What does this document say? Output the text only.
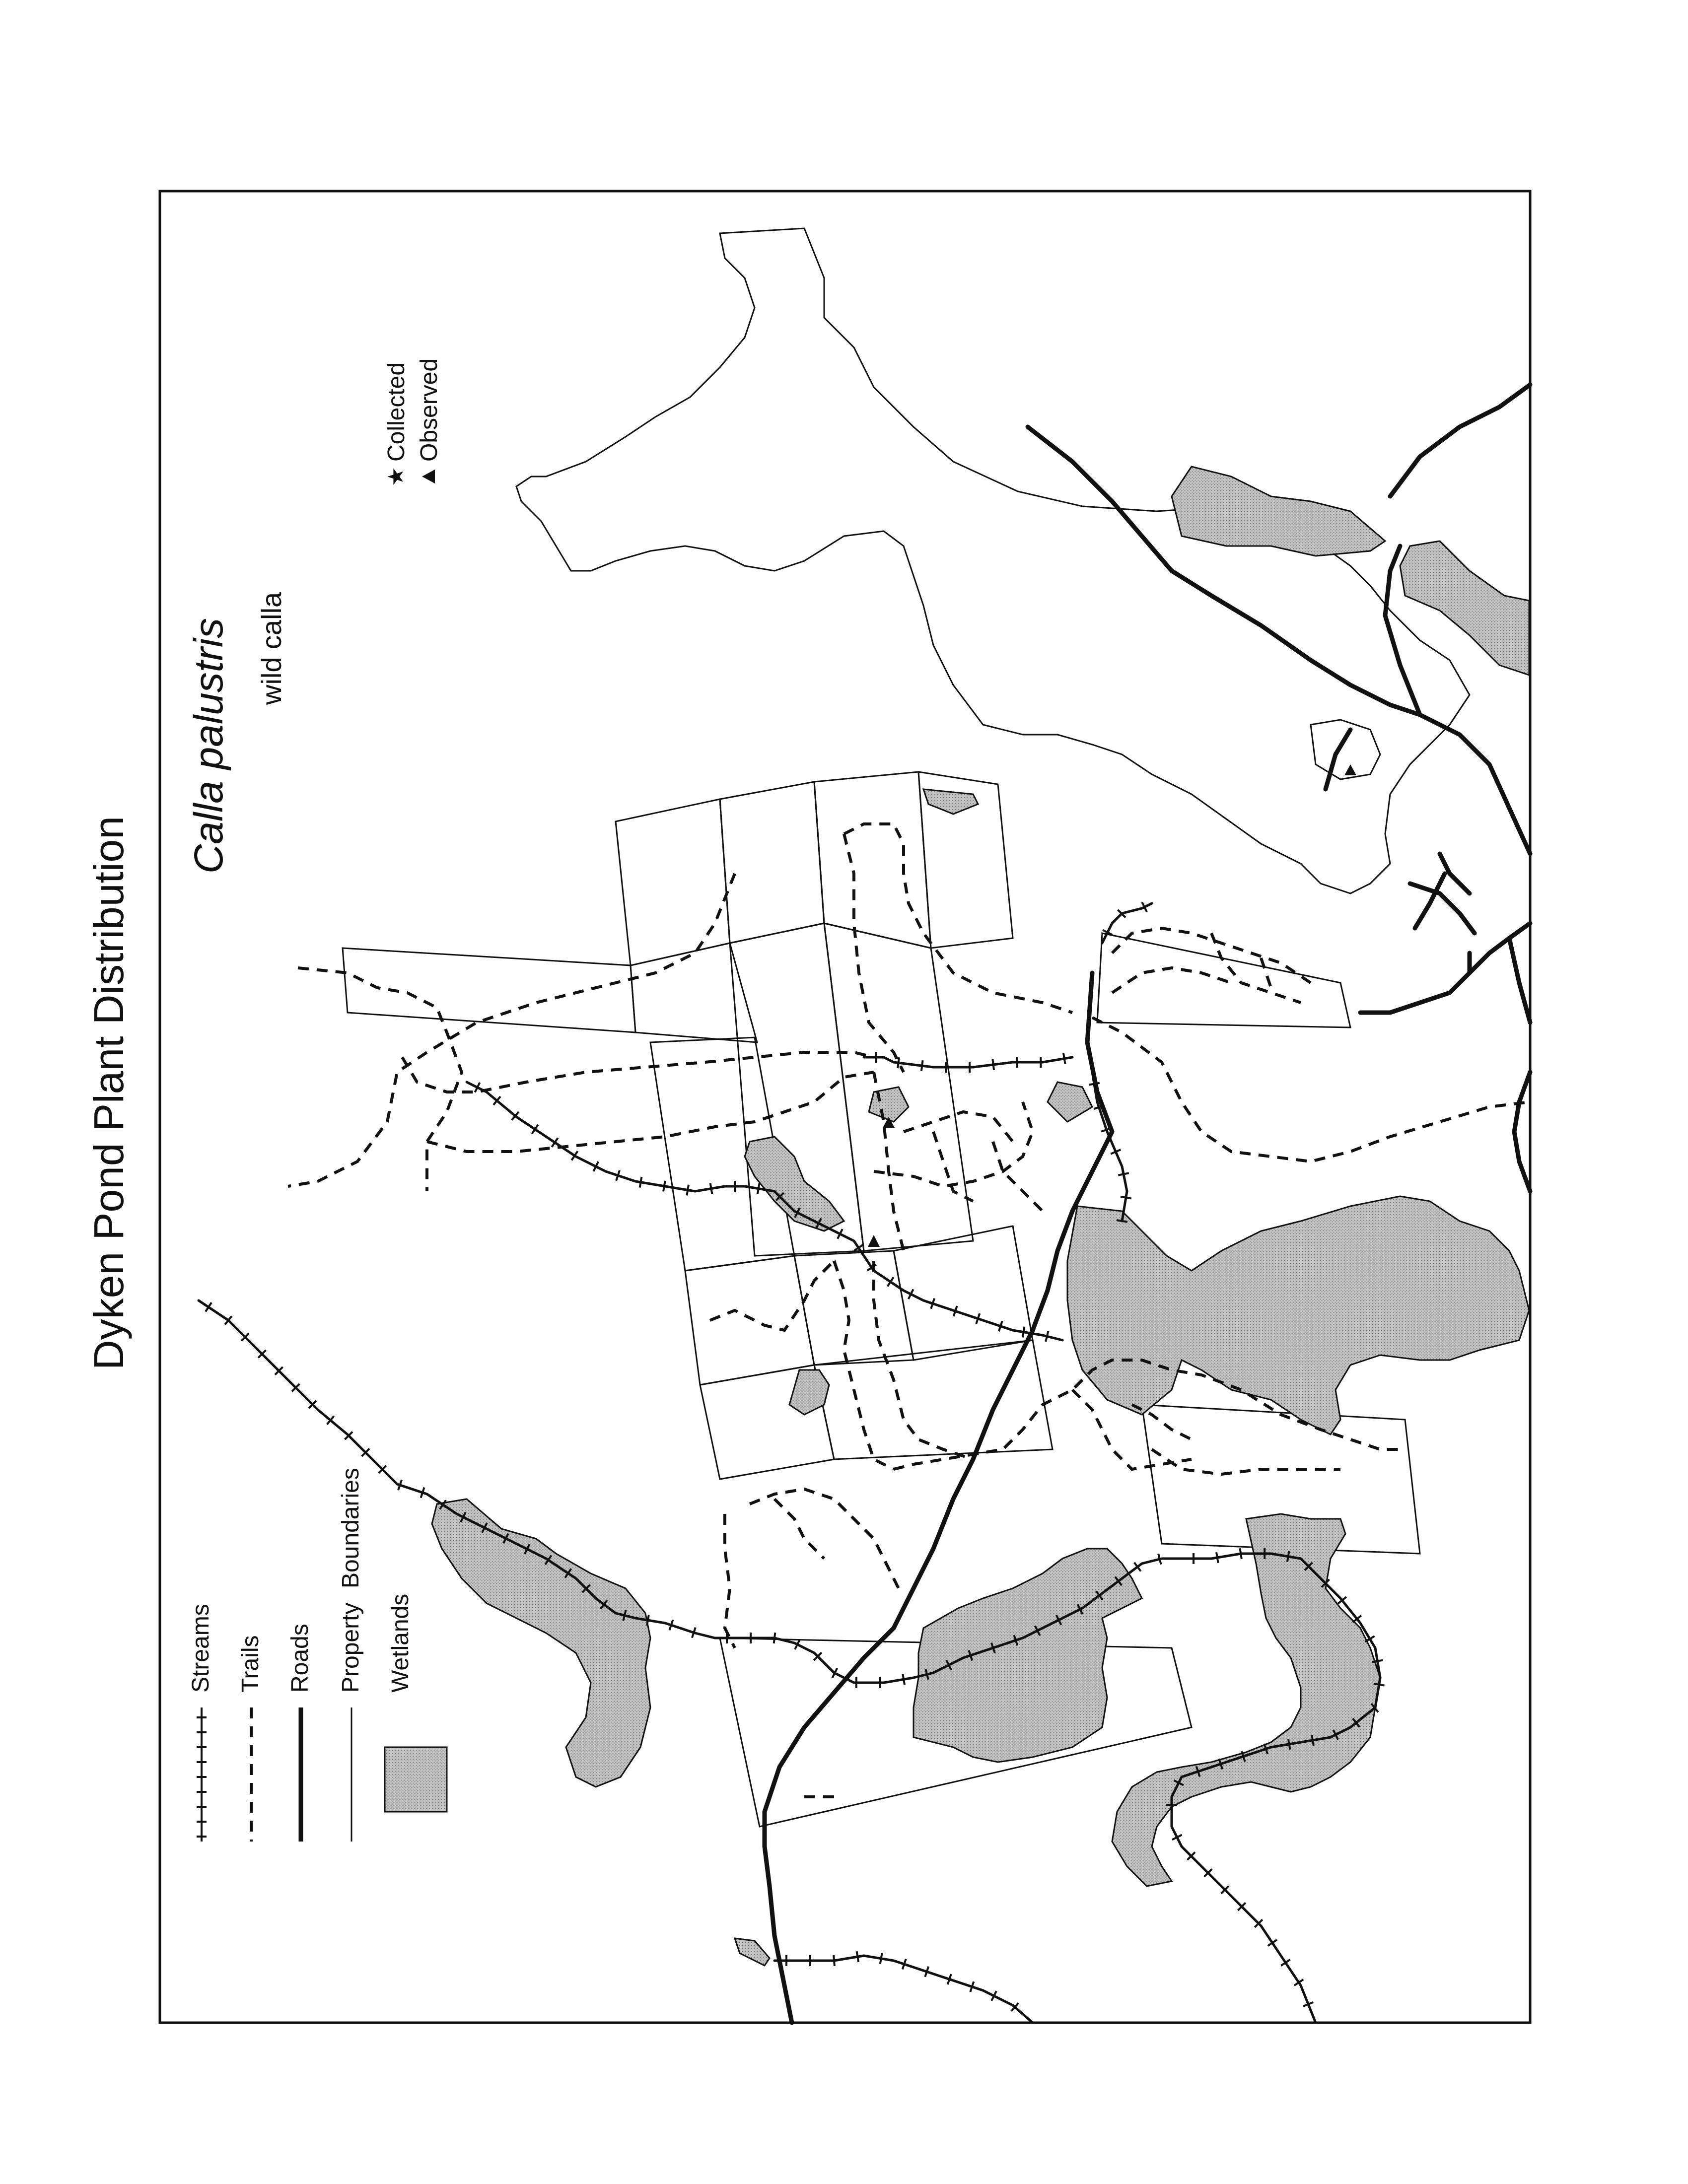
Dyken Pond Plant Distribution
Calla palustris wild calla
★
Collected Observed
Streams Trails Roads Property
Boundaries
Wetlands
